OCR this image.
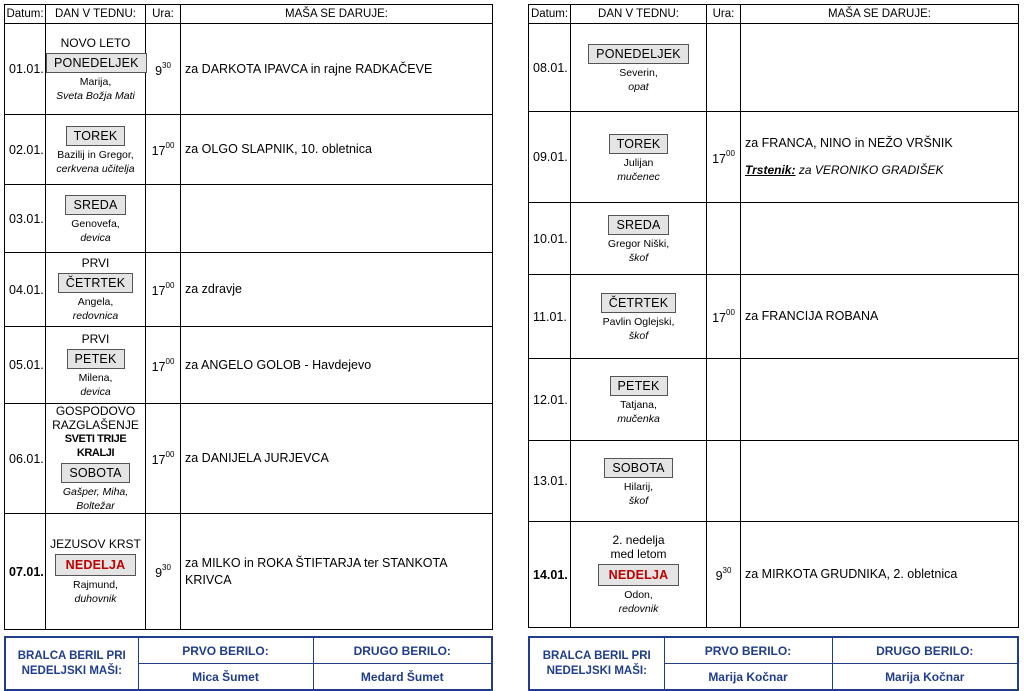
Datum:	DAN V TEDNU:	Ura:	MAŠA SE DARUJE:
01.01.	NOVO LETO
PONEDELJEK
Marija,
Sveta Božja Mati	$9^{30}$	za DARKOTA IPAVCA in rajne RADKAČEVE
02.01.	TOREK
Bazilij in Gregor,
cerkvena učitelja	$17^{00}$	za OLGO SLAPNIK, 10. obletnica
03.01.	SREDA
Genovefa,
devica		

04.01.	PRVI
ČETRTEK
Angela,
redovnica	$17^{00}$	za zdravje
05.01.	PRVI
PETEK
Milena,
devica	$17^{00}$	za ANGELO GOLOB - Havdejevo
06.01.	GOSPODOVO
RAZGLAŠENJE
SVETI TRIJE KRALJI
SOBOTA
Gašper, Miha, Boltežar	$17^{00}$	za DANIJELA JURJEVCA
07.01.	JEZUSOV KRST
NEDELJA
Rajmund,
duhovnik	$9^{30}$	za MILKO in ROKA ŠTIFTARJA ter STANKOTA KRIVCA
Datum:	DAN V TEDNU:	Ura:	MAŠA SE DARUJE:
08.01.	PONEDELJEK
Severin,
opat		

09.01.	TOREK
Julijan
mučenec	$17^{00}$	za FRANCA, NINO in NEŽO VRŠNIK
Trstenik: za VERONIKO GRADIŠEK

10.01.	SREDA
Gregor Niški,
škof		

11.01.	ČETRTEK
Pavlin Oglejski,
škof	$17^{00}$	za FRANCIJA ROBANA
12.01.	PETEK
Tatjana,
mučenka		

13.01.	SOBOTA
Hilarij,
škof		

14.01.	2. nedelja
med letom
NEDELJA
Odon,
redovnik	$9^{30}$	za MIRKOTA GRUDNIKA, 2. obletnica
BRALCA BERIL PRI NEDELJSKI MAŠI:	PRVO BERILO:	DRUGO BERILO:
	Mica Šumet	Medard Šumet
BRALCA BERIL PRI NEDELJSKI MAŠI:	PRVO BERILO:	DRUGO BERILO:
	Marija Kočnar	Marija Kočnar
